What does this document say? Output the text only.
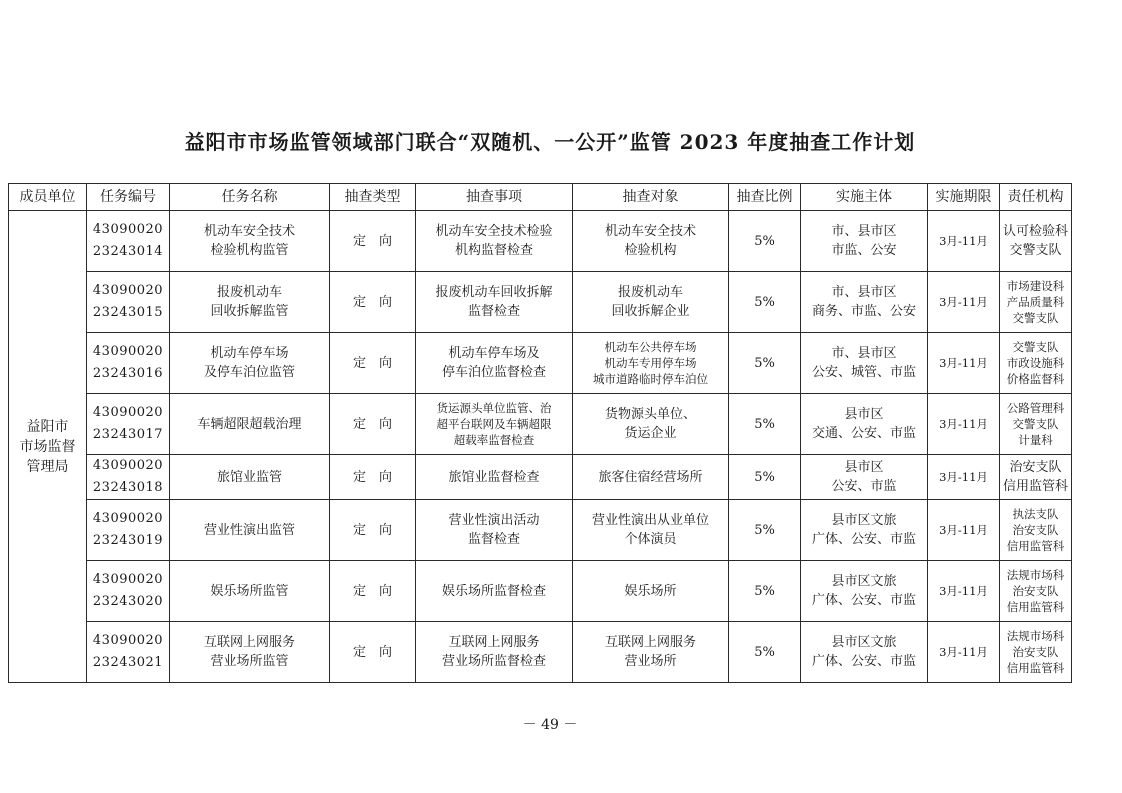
益阳市市场监管领域部门联合“双随机、一公开”监管 2023 年度抽查工作计划
成员单位	任务编号	任务名称	抽查类型	抽查事项	抽查对象	抽查比例	实施主体	实施期限	责任机构

益阳市
市场监督
管理局	43090020
23243014	机动车安全技术
检验机构监管	定　向	机动车安全技术检验
机构监督检查	机动车安全技术
检验机构	5%	市、县市区
市监、公安	3月-11月	认可检验科
交警支队

	43090020
23243015	报废机动车
回收拆解监管	定　向	报废机动车回收拆解
监督检查	报废机动车
回收拆解企业	5%	市、县市区
商务、市监、公安	3月-11月	市场建设科
产品质量科
交警支队

	43090020
23243016	机动车停车场
及停车泊位监管	定　向	机动车停车场及
停车泊位监督检查	机动车公共停车场
机动车专用停车场
城市道路临时停车泊位	5%	市、县市区
公安、城管、市监	3月-11月	交警支队
市政设施科
价格监督科

	43090020
23243017	车辆超限超载治理	定　向	货运源头单位监管、治
超平台联网及车辆超限
超载率监督检查	货物源头单位、
货运企业	5%	县市区
交通、公安、市监	3月-11月	公路管理科
交警支队
计量科

	43090020
23243018	旅馆业监管	定　向	旅馆业监督检查	旅客住宿经营场所	5%	县市区
公安、市监	3月-11月	治安支队
信用监管科

	43090020
23243019	营业性演出监管	定　向	营业性演出活动
监督检查	营业性演出从业单位
个体演员	5%	县市区文旅
广体、公安、市监	3月-11月	执法支队
治安支队
信用监管科

	43090020
23243020	娱乐场所监管	定　向	娱乐场所监督检查	娱乐场所	5%	县市区文旅
广体、公安、市监	3月-11月	法规市场科
治安支队
信用监管科

	43090020
23243021	互联网上网服务
营业场所监管	定　向	互联网上网服务
营业场所监督检查	互联网上网服务
营业场所	5%	县市区文旅
广体、公安、市监	3月-11月	法规市场科
治安支队
信用监管科
－ 49 －
